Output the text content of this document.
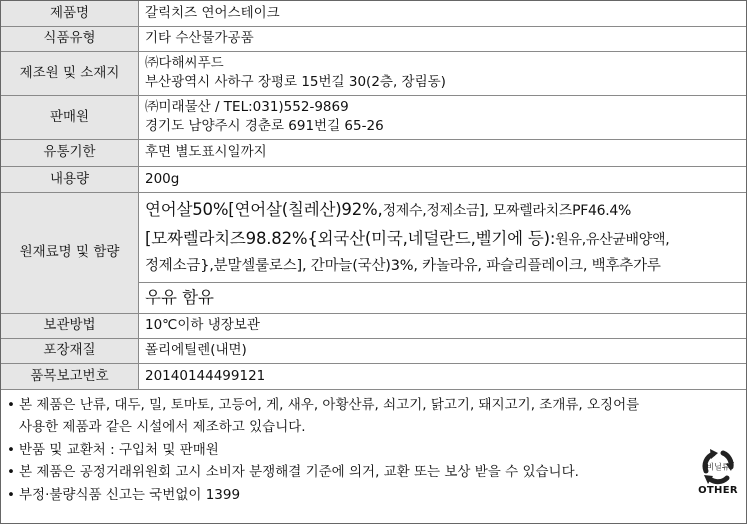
제품명	갈릭치즈 연어스테이크
식품유형	기타 수산물가공품
제조원 및 소재지	㈜다해씨푸드
부산광역시 사하구 장평로 15번길 30(2층, 장림동)

판매원	㈜미래물산 / TEL:031)552-9869
경기도 남양주시 경춘로 691번길 65-26

유통기한	후면 별도표시일까지
내용량	200g
원재료명 및 함량	연어살50%[연어살(칠레산)92%,정제수,정제소금], 모짜렐라치즈PF46.4%
[모짜렐라치즈98.82%{외국산(미국,네덜란드,벨기에 등):원유,유산균배양액,
정제소금},분말셀룰로스], 간마늘(국산)3%, 카놀라유, 파슬리플레이크, 백후추가루

	우유 함유
보관방법	10℃이하 냉장보관
포장재질	폴리에틸렌(내면)
품목보고번호	20140144499121
• 본 제품은 난류, 대두, 밀, 토마토, 고등어, 게, 새우, 아황산류, 쇠고기, 닭고기, 돼지고기, 조개류, 오징어를
사용한 제품과 같은 시설에서 제조하고 있습니다.
• 반품 및 교환처 : 구입처 및 판매원
• 본 제품은 공정거래위원회 고시 소비자 분쟁해결 기준에 의거, 교환 또는 보상 받을 수 있습니다.
• 부정·불량식품 신고는 국번없이 1399
비닐류
OTHER
